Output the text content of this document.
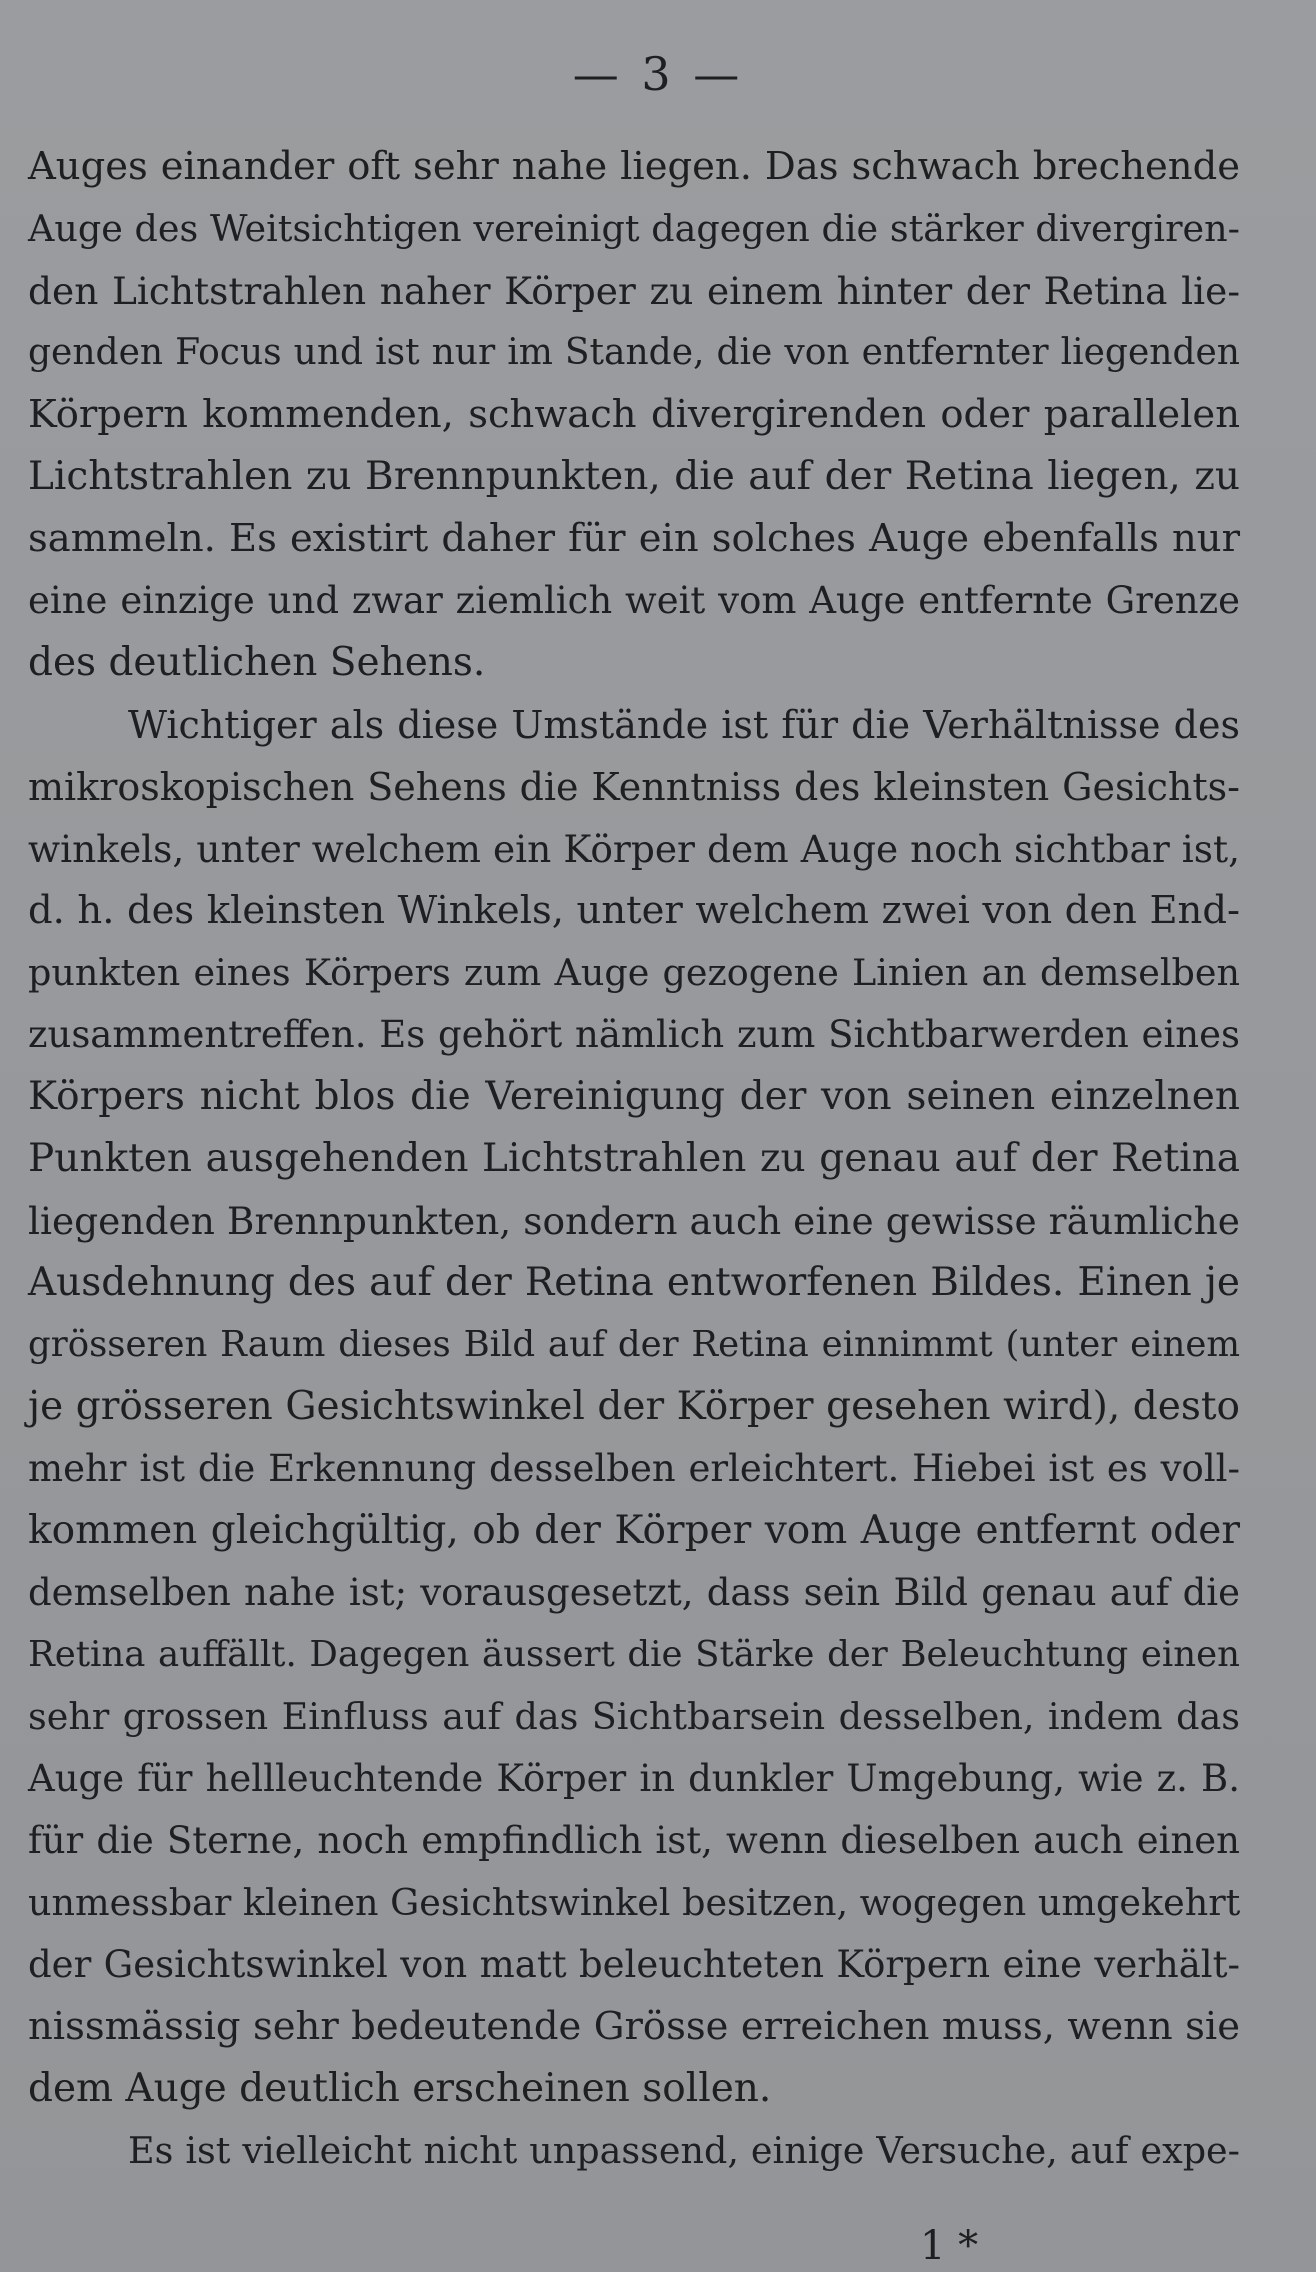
— 3 —
Auges einander oft sehr nahe liegen. Das schwach brechende
Auge des Weitsichtigen vereinigt dagegen die stärker divergiren-
den Lichtstrahlen naher Körper zu einem hinter der Retina lie-
genden Focus und ist nur im Stande, die von entfernter liegenden
Körpern kommenden, schwach divergirenden oder parallelen
Lichtstrahlen zu Brennpunkten, die auf der Retina liegen, zu
sammeln. Es existirt daher für ein solches Auge ebenfalls nur
eine einzige und zwar ziemlich weit vom Auge entfernte Grenze
des deutlichen Sehens.
Wichtiger als diese Umstände ist für die Verhältnisse des
mikroskopischen Sehens die Kenntniss des kleinsten Gesichts-
winkels, unter welchem ein Körper dem Auge noch sichtbar ist,
d. h. des kleinsten Winkels, unter welchem zwei von den End-
punkten eines Körpers zum Auge gezogene Linien an demselben
zusammentreffen. Es gehört nämlich zum Sichtbarwerden eines
Körpers nicht blos die Vereinigung der von seinen einzelnen
Punkten ausgehenden Lichtstrahlen zu genau auf der Retina
liegenden Brennpunkten, sondern auch eine gewisse räumliche
Ausdehnung des auf der Retina entworfenen Bildes. Einen je
grösseren Raum dieses Bild auf der Retina einnimmt (unter einem
je grösseren Gesichtswinkel der Körper gesehen wird), desto
mehr ist die Erkennung desselben erleichtert. Hiebei ist es voll-
kommen gleichgültig, ob der Körper vom Auge entfernt oder
demselben nahe ist; vorausgesetzt, dass sein Bild genau auf die
Retina auffällt. Dagegen äussert die Stärke der Beleuchtung einen
sehr grossen Einfluss auf das Sichtbarsein desselben, indem das
Auge für hellleuchtende Körper in dunkler Umgebung, wie z. B.
für die Sterne, noch empfindlich ist, wenn dieselben auch einen
unmessbar kleinen Gesichtswinkel besitzen, wogegen umgekehrt
der Gesichtswinkel von matt beleuchteten Körpern eine verhält-
nissmässig sehr bedeutende Grösse erreichen muss, wenn sie
dem Auge deutlich erscheinen sollen.
Es ist vielleicht nicht unpassend, einige Versuche, auf expe-
1 *
